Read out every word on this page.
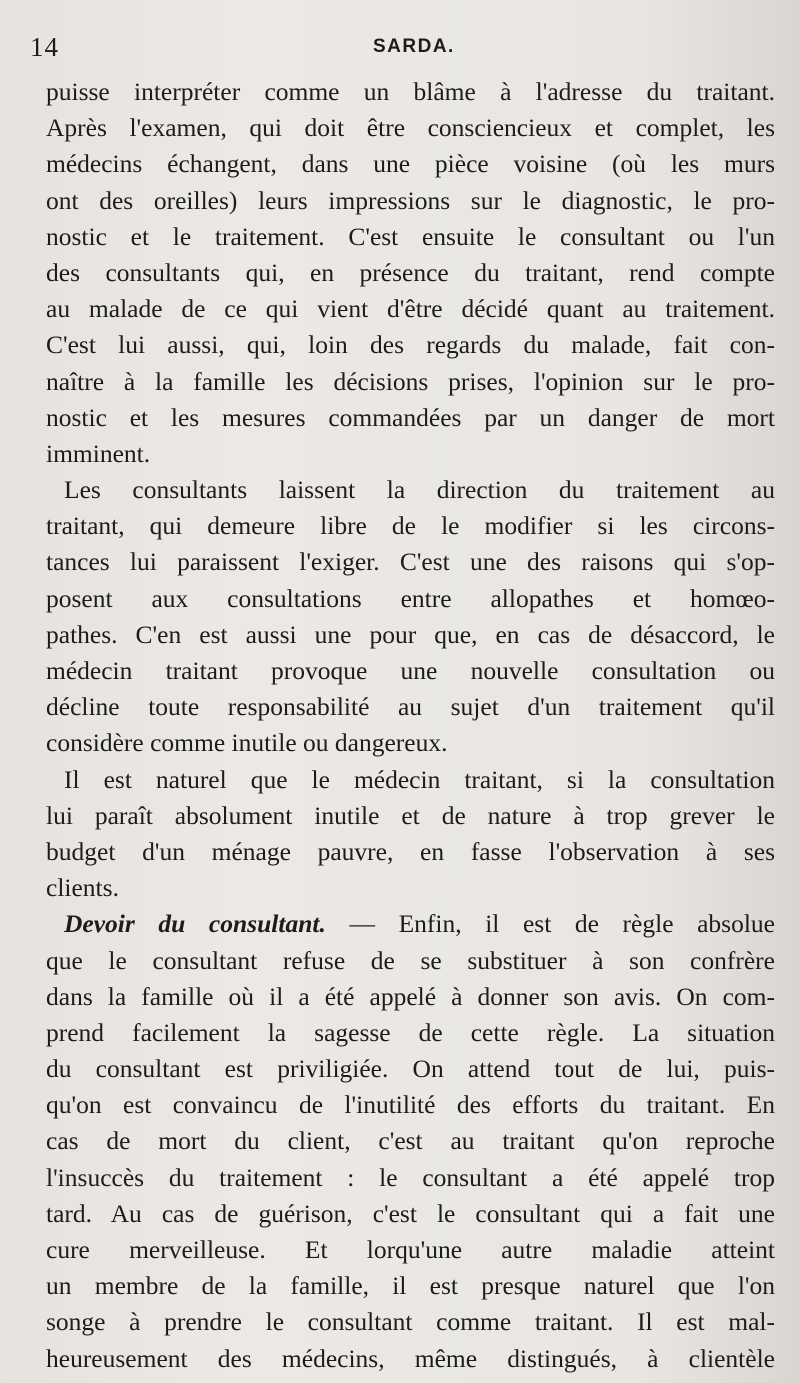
14	SARDA.
puisse interpréter comme un blâme à l'adresse du traitant.
Après l'examen, qui doit être consciencieux et complet, les
médecins échangent, dans une pièce voisine (où les murs
ont des oreilles) leurs impressions sur le diagnostic, le pro-
nostic et le traitement. C'est ensuite le consultant ou l'un
des consultants qui, en présence du traitant, rend compte
au malade de ce qui vient d'être décidé quant au traitement.
C'est lui aussi, qui, loin des regards du malade, fait con-
naître à la famille les décisions prises, l'opinion sur le pro-
nostic et les mesures commandées par un danger de mort
imminent.
Les consultants laissent la direction du traitement au
traitant, qui demeure libre de le modifier si les circons-
tances lui paraissent l'exiger. C'est une des raisons qui s'op-
posent aux consultations entre allopathes et homœo-
pathes. C'en est aussi une pour que, en cas de désaccord, le
médecin traitant provoque une nouvelle consultation ou
décline toute responsabilité au sujet d'un traitement qu'il
considère comme inutile ou dangereux.
Il est naturel que le médecin traitant, si la consultation
lui paraît absolument inutile et de nature à trop grever le
budget d'un ménage pauvre, en fasse l'observation à ses
clients.
Devoir du consultant. — Enfin, il est de règle absolue
que le consultant refuse de se substituer à son confrère
dans la famille où il a été appelé à donner son avis. On com-
prend facilement la sagesse de cette règle. La situation
du consultant est priviligiée. On attend tout de lui, puis-
qu'on est convaincu de l'inutilité des efforts du traitant. En
cas de mort du client, c'est au traitant qu'on reproche
l'insuccès du traitement : le consultant a été appelé trop
tard. Au cas de guérison, c'est le consultant qui a fait une
cure merveilleuse. Et lorqu'une autre maladie atteint
un membre de la famille, il est presque naturel que l'on
songe à prendre le consultant comme traitant. Il est mal-
heureusement des médecins, même distingués, à clientèle
